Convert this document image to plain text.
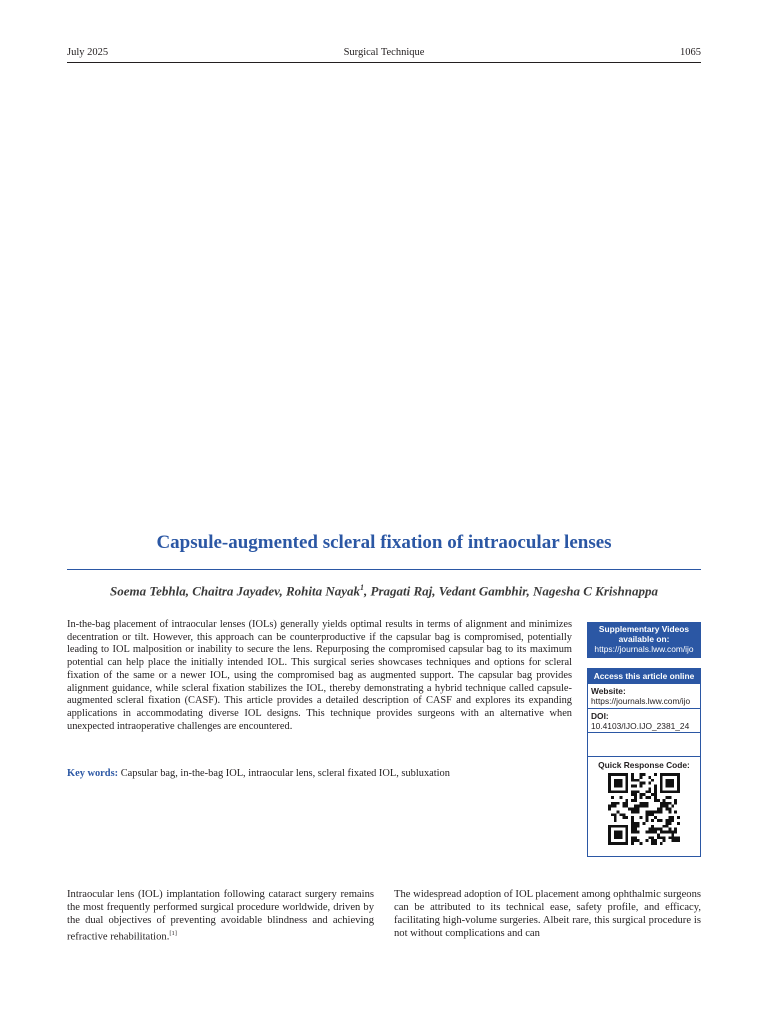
July 2025	Surgical Technique	1065
Capsule-augmented scleral fixation of intraocular lenses
Soema Tebhla, Chaitra Jayadev, Rohita Nayak$^1$, Pragati Raj, Vedant Gambhir, Nagesha C Krishnappa
In-the-bag placement of intraocular lenses (IOLs) generally yields optimal results in terms of alignment and minimizes decentration or tilt. However, this approach can be counterproductive if the capsular bag is compromised, potentially leading to IOL malposition or inability to secure the lens. Repurposing the compromised capsular bag to its maximum potential can help place the initially intended IOL. This surgical series showcases techniques and options for scleral fixation of the same or a newer IOL, using the compromised bag as augmented support. The capsular bag provides alignment guidance, while scleral fixation stabilizes the IOL, thereby demonstrating a hybrid technique called capsule-augmented scleral fixation (CASF). This article provides a detailed description of CASF and explores its expanding applications in accommodating diverse IOL designs. This technique provides surgeons with an alternative when unexpected intraoperative challenges are encountered.
Key words: Capsular bag, in-the-bag IOL, intraocular lens, scleral fixated IOL, subluxation
Supplementary Videos available on:
https://journals.lww.com/ijo
Access this article online
Website:
https://journals.lww.com/ijo
DOI:
10.4103/IJO.IJO_2381_24
Quick Response Code:
Intraocular lens (IOL) implantation following cataract surgery remains the most frequently performed surgical procedure worldwide, driven by the dual objectives of preventing avoidable blindness and achieving refractive rehabilitation.[1]
The widespread adoption of IOL placement among ophthalmic surgeons can be attributed to its technical ease, safety profile, and efficacy, facilitating high-volume surgeries. Albeit rare, this surgical procedure is not without complications and can
